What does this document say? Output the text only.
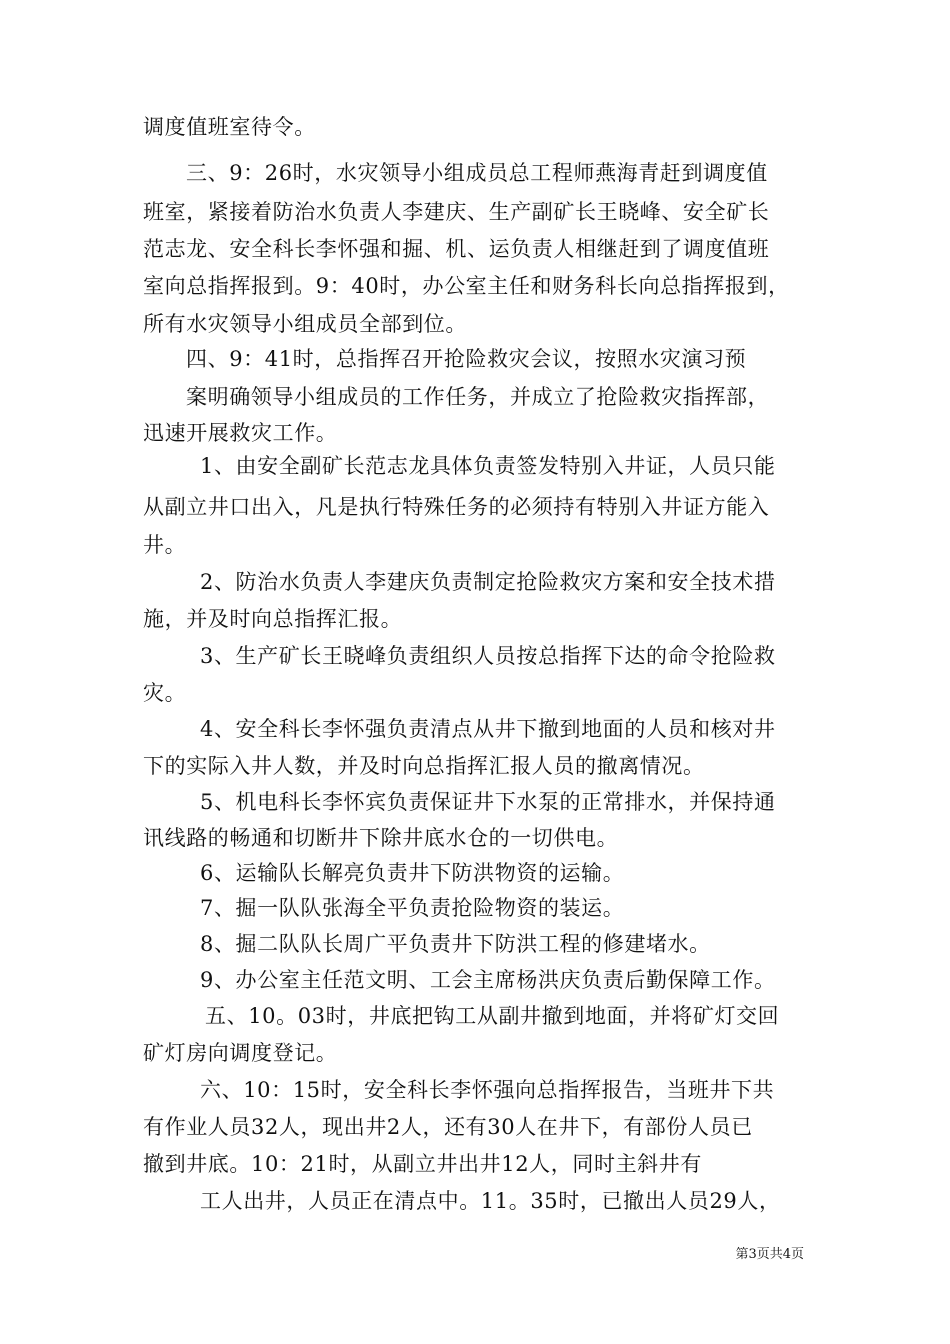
调度值班室待令。
三、9：26时，水灾领导小组成员总工程师燕海青赶到调度值
班室，紧接着防治水负责人李建庆、生产副矿长王晓峰、安全矿长
范志龙、安全科长李怀强和掘、机、运负责人相继赶到了调度值班
室向总指挥报到。9：40时，办公室主任和财务科长向总指挥报到，
所有水灾领导小组成员全部到位。
四、9：41时，总指挥召开抢险救灾会议，按照水灾演习预
案明确领导小组成员的工作任务，并成立了抢险救灾指挥部，
迅速开展救灾工作。
1、由安全副矿长范志龙具体负责签发特别入井证，人员只能
从副立井口出入，凡是执行特殊任务的必须持有特别入井证方能入
井。
2、防治水负责人李建庆负责制定抢险救灾方案和安全技术措
施，并及时向总指挥汇报。
3、生产矿长王晓峰负责组织人员按总指挥下达的命令抢险救
灾。
4、安全科长李怀强负责清点从井下撤到地面的人员和核对井
下的实际入井人数，并及时向总指挥汇报人员的撤离情况。
5、机电科长李怀宾负责保证井下水泵的正常排水，并保持通
讯线路的畅通和切断井下除井底水仓的一切供电。
6、运输队长解亮负责井下防洪物资的运输。
7、掘一队队张海全平负责抢险物资的装运。
8、掘二队队长周广平负责井下防洪工程的修建堵水。
9、办公室主任范文明、工会主席杨洪庆负责后勤保障工作。
五、10。03时，井底把钩工从副井撤到地面，并将矿灯交回
矿灯房向调度登记。
六、10：15时，安全科长李怀强向总指挥报告，当班井下共
有作业人员32人，现出井2人，还有30人在井下，有部份人员已
撤到井底。10：21时，从副立井出井12人，同时主斜井有
工人出井，人员正在清点中。11。35时，已撤出人员29人，
第3页共4页
